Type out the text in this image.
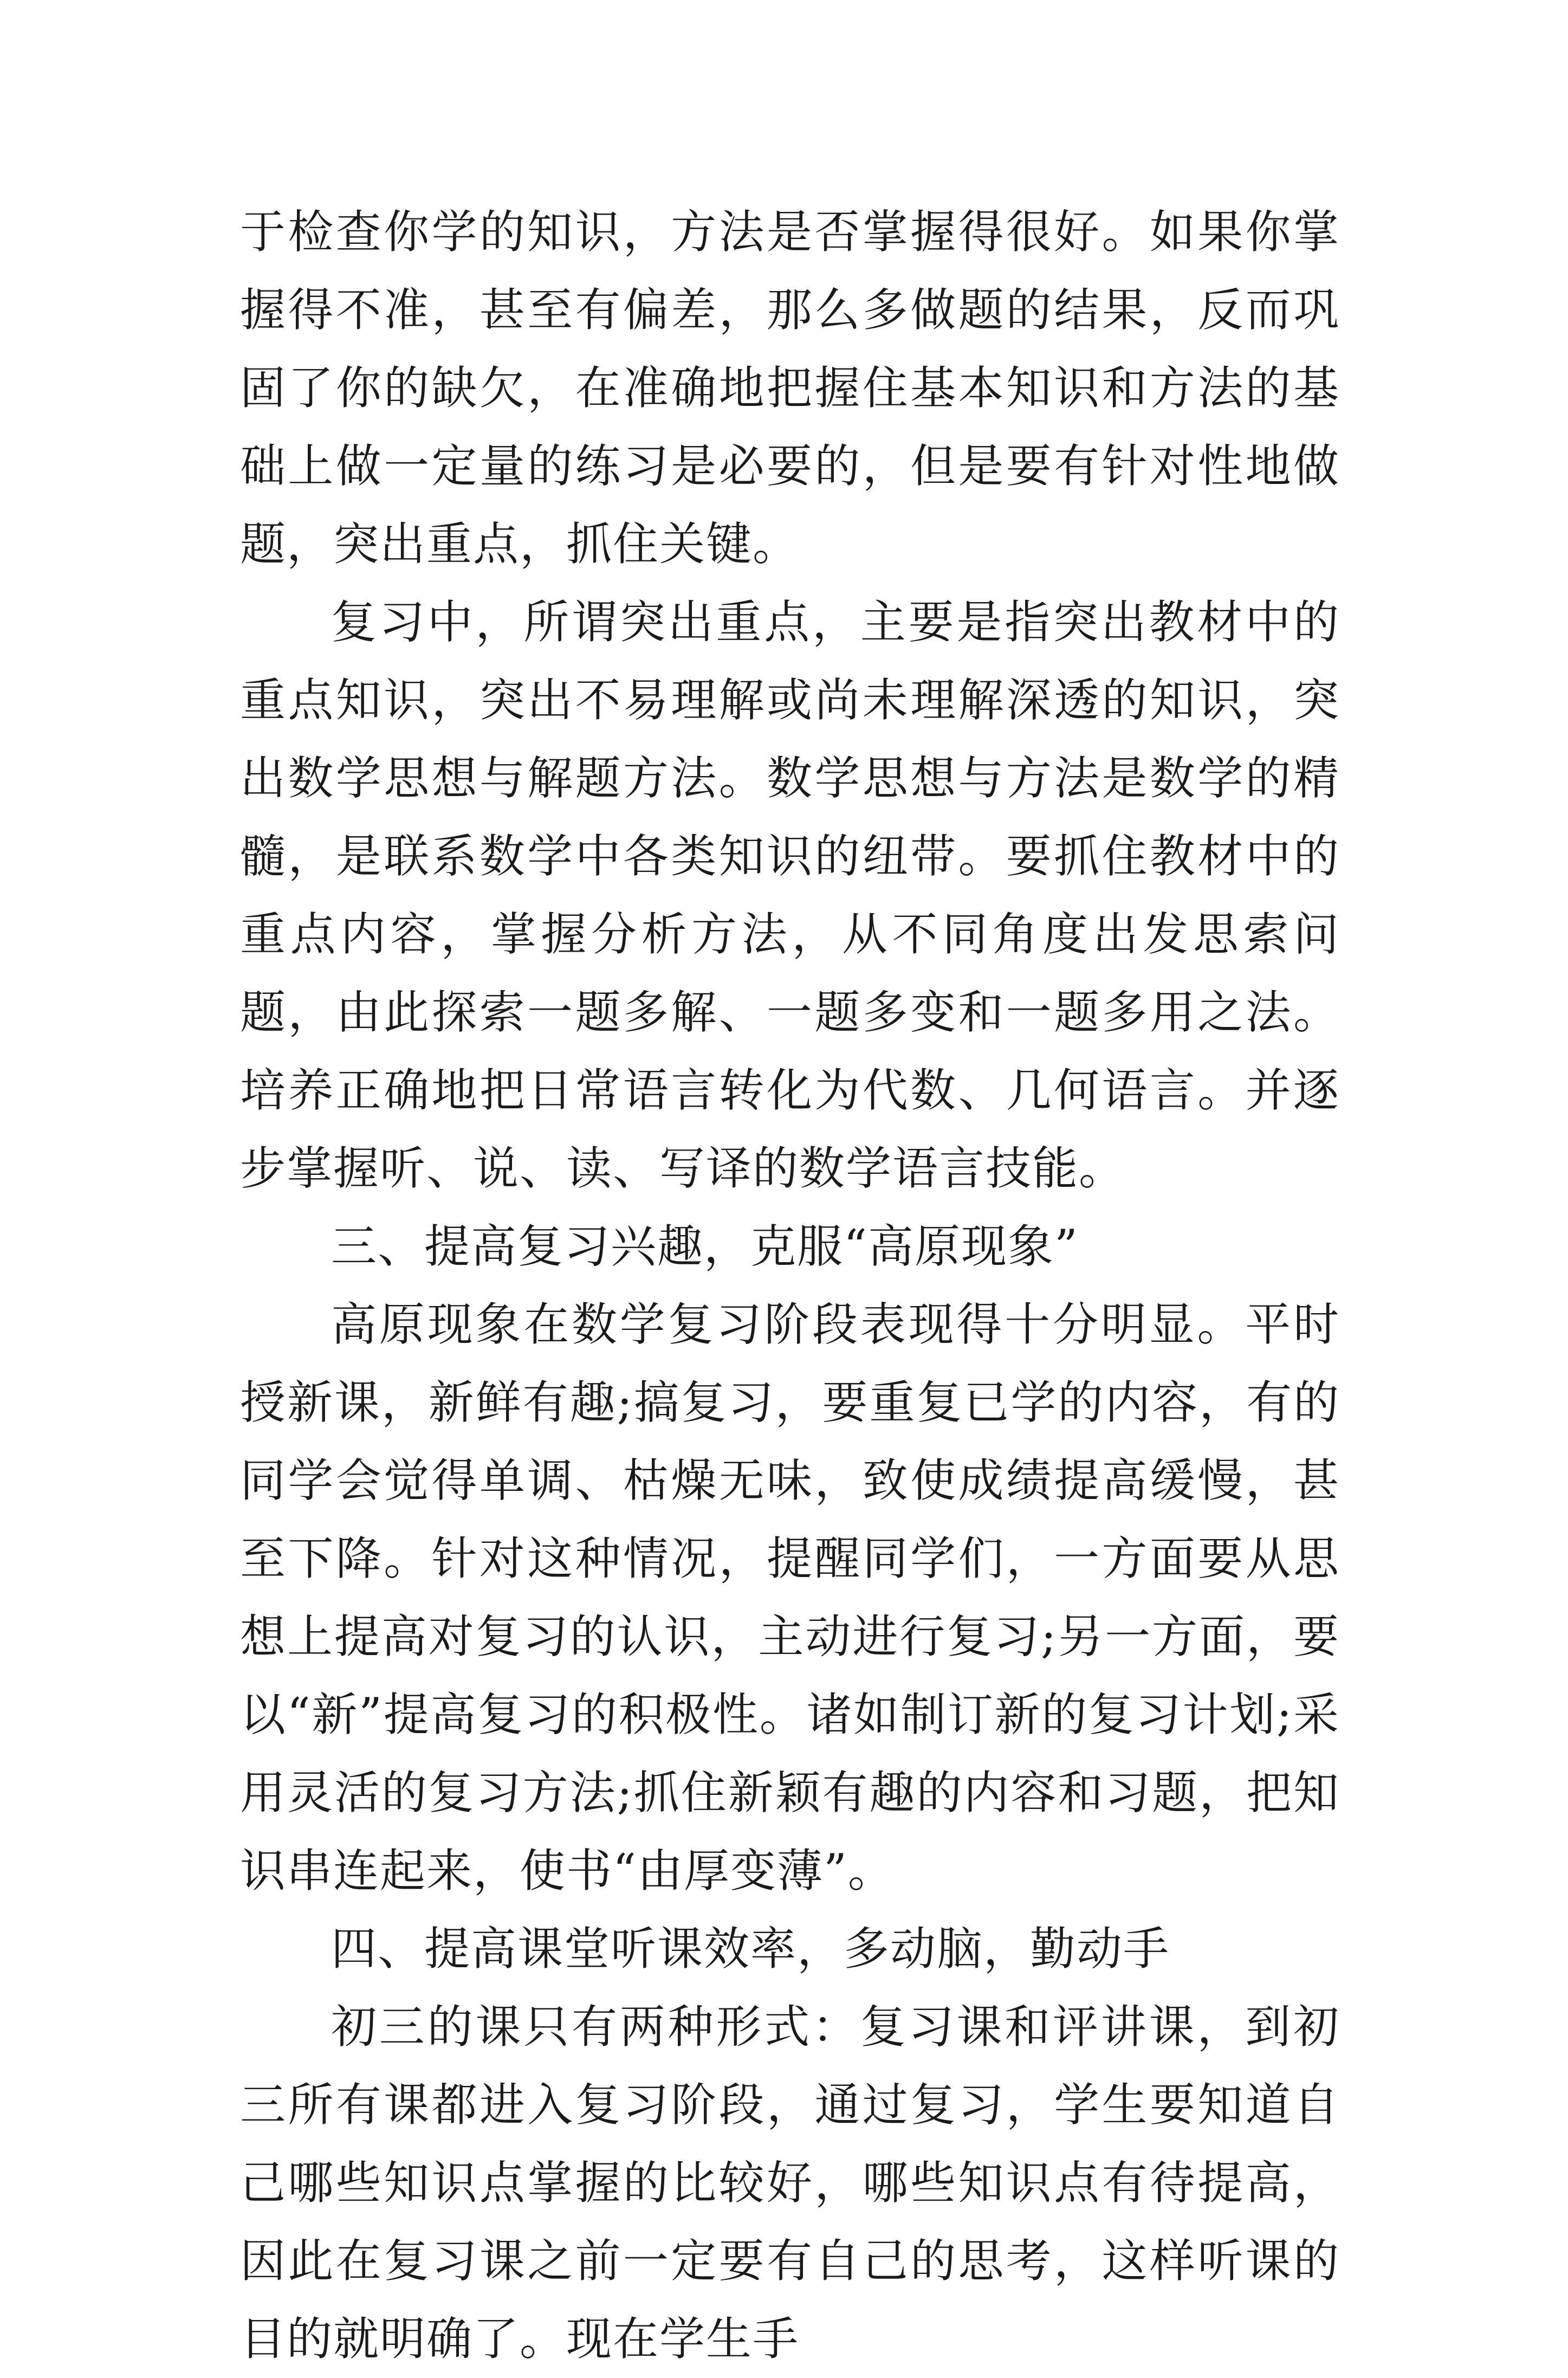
于检查你学的知识，方法是否掌握得很好。如果你掌握得不准，甚至有偏差，那么多做题的结果，反而巩固了你的缺欠，在准确地把握住基本知识和方法的基础上做一定量的练习是必要的，但是要有针对性地做题，突出重点，抓住关键。

复习中，所谓突出重点，主要是指突出教材中的重点知识，突出不易理解或尚未理解深透的知识，突出数学思想与解题方法。数学思想与方法是数学的精髓，是联系数学中各类知识的纽带。要抓住教材中的重点内容，掌握分析方法，从不同角度出发思索问题，由此探索一题多解、一题多变和一题多用之法。培养正确地把日常语言转化为代数、几何语言。并逐步掌握听、说、读、写译的数学语言技能。

三、提高复习兴趣，克服“高原现象”

高原现象在数学复习阶段表现得十分明显。平时授新课，新鲜有趣;搞复习，要重复已学的内容，有的同学会觉得单调、枯燥无味，致使成绩提高缓慢，甚至下降。针对这种情况，提醒同学们，一方面要从思想上提高对复习的认识，主动进行复习;另一方面，要以“新”提高复习的积极性。诸如制订新的复习计划;采用灵活的复习方法;抓住新颖有趣的内容和习题，把知识串连起来，使书“由厚变薄”。

四、提高课堂听课效率，多动脑，勤动手

初三的课只有两种形式：复习课和评讲课，到初三所有课都进入复习阶段，通过复习，学生要知道自己哪些知识点掌握的比较好，哪些知识点有待提高，因此在复习课之前一定要有自己的思考，这样听课的目的就明确了。现在学生手
